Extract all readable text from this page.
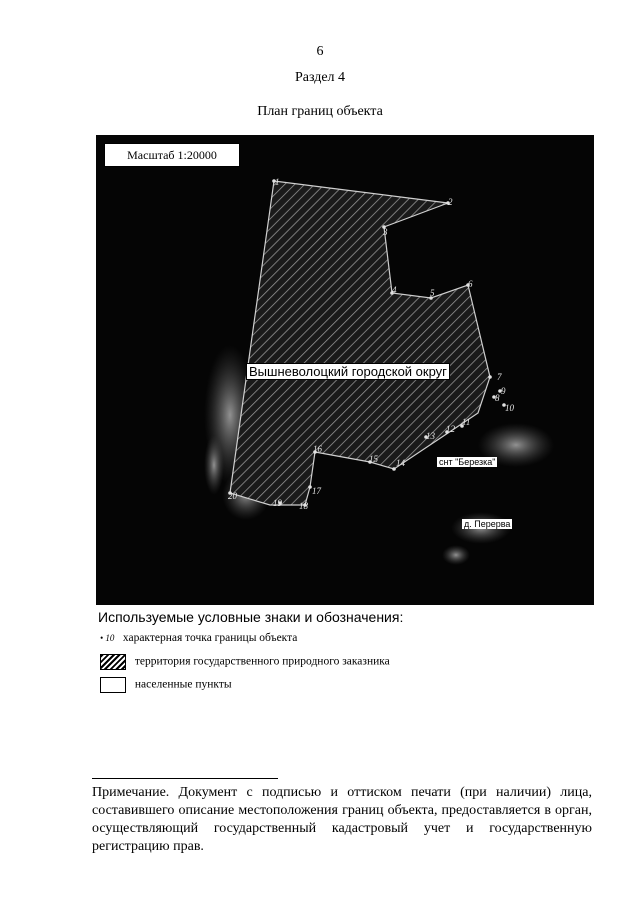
6
Раздел 4
План границ объекта
1
2
3
4	5
6
7
8
9
10
11
12
13
14
15
16
17
18
19
20
Масштаб 1:20000
Вышневолоцкий городской округ
снт "Березка"
д. Перерва
Используемые условные знаки и обозначения:
• 10 характерная точка границы объекта
территория государственного природного заказника
населенные пункты
Примечание. Документ с подписью и оттиском печати (при наличии) лица, составившего описание местоположения границ объекта, предоставляется в орган, осуществляющий государственный кадастровый учет и государственную регистрацию прав.
